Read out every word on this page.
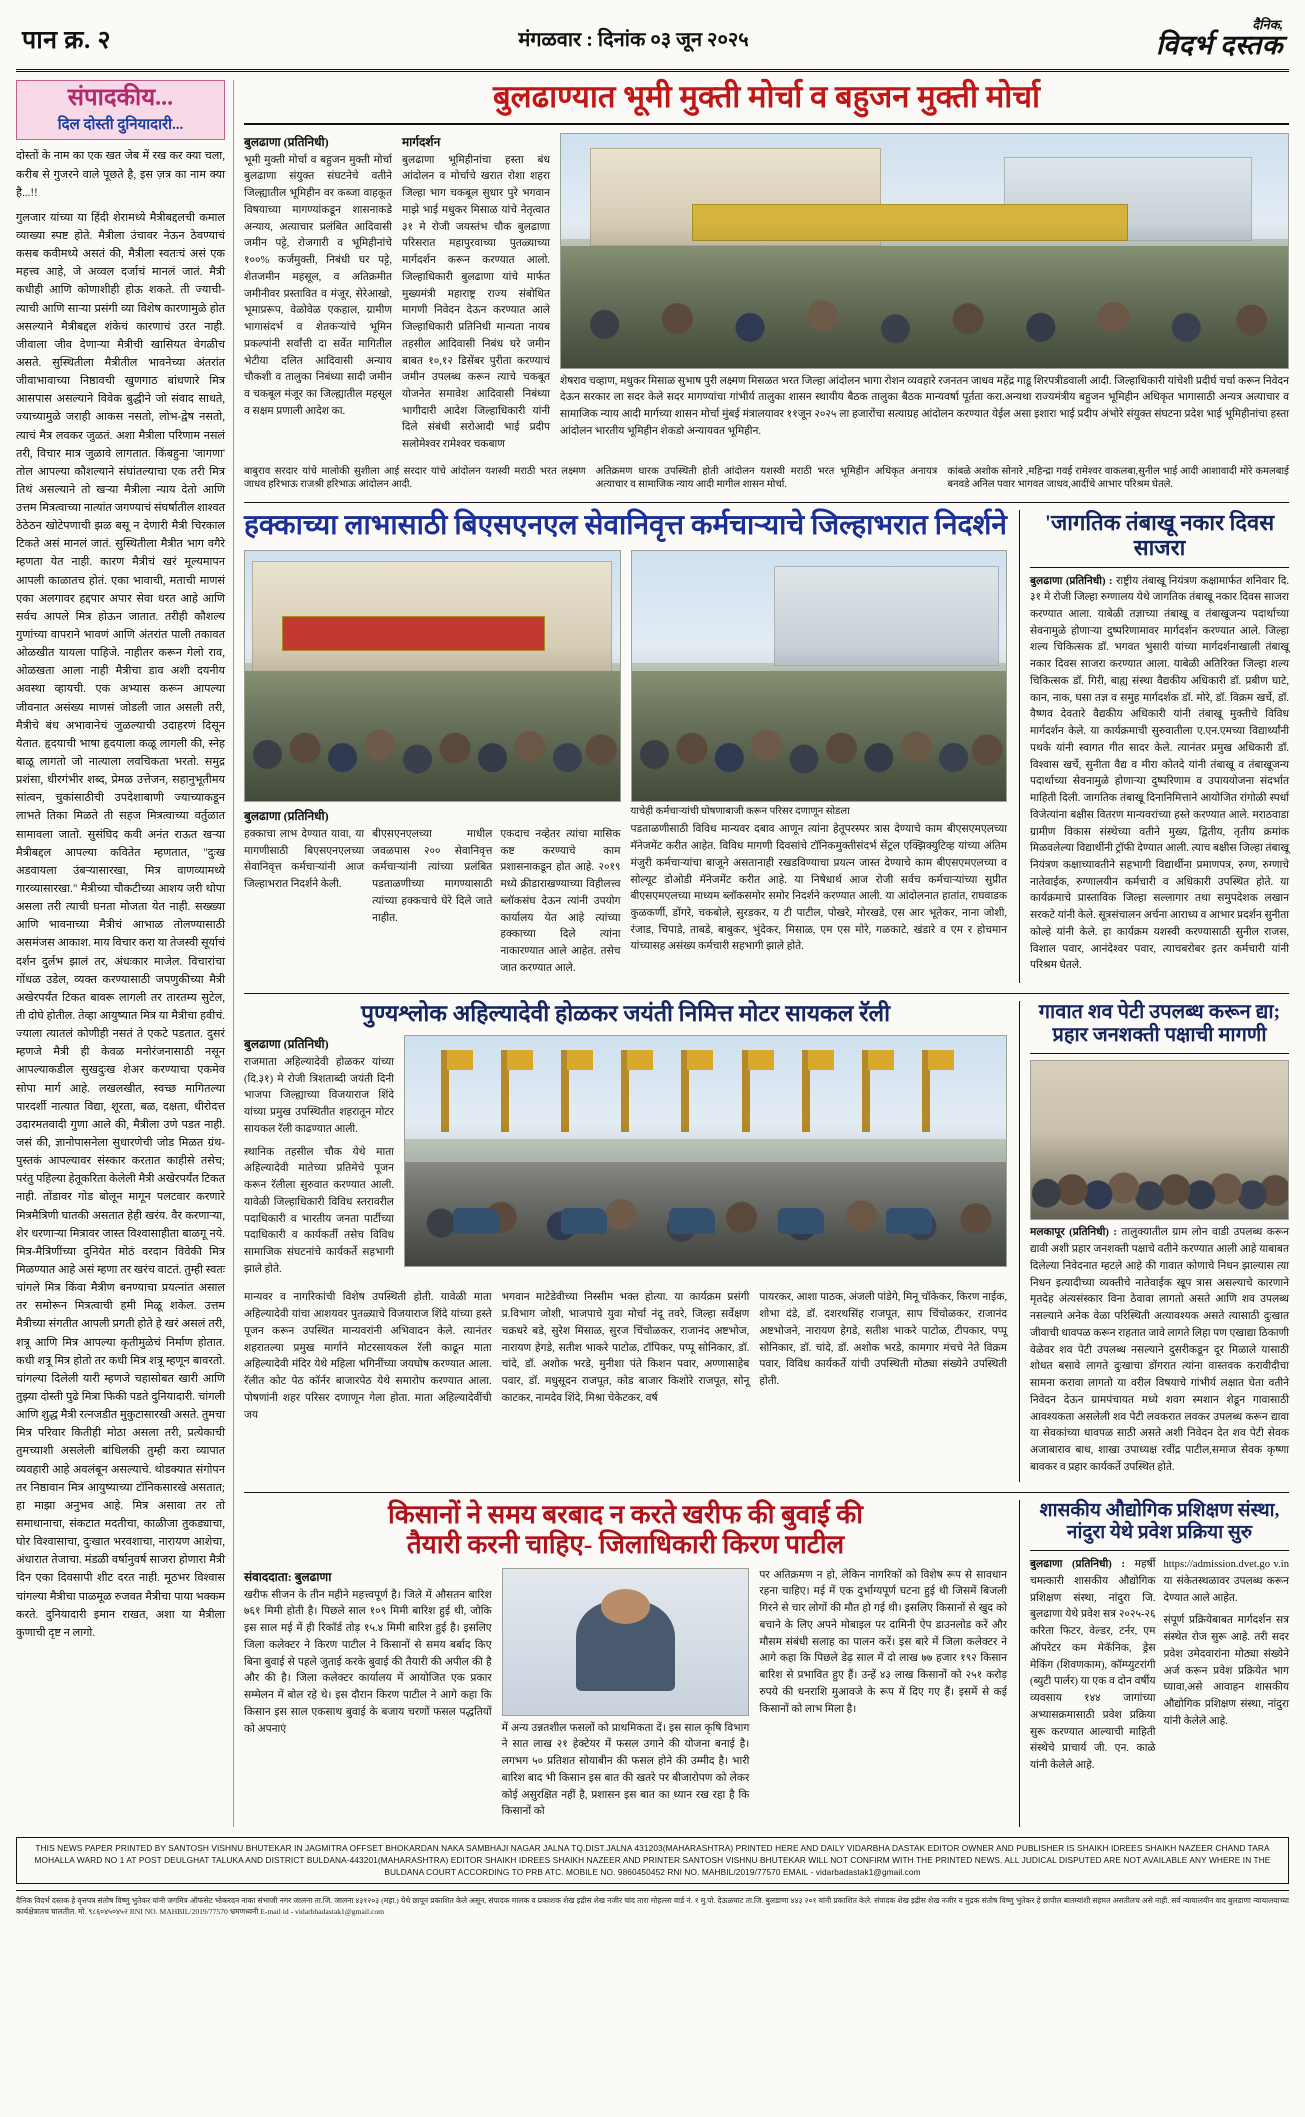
पान क्र. २	मंगळवार : दिनांक ०३ जून २०२५
दैनिक,
विदर्भ दस्तक
संपादकीय...
दिल दोस्ती दुनियादारी...

दोस्तों के नाम का एक खत जेब में रख कर क्या चला, करीब से गुजरने वाले पूछते है, इस ज़त्र का नाम क्या है...!!

गुलजार यांच्या या हिंदी शेरामध्ये मैत्रीबद्दलची कमाल व्याख्या स्पष्ट होते. मैत्रीला उंचावर नेऊन ठेवण्याचं कसब कवीमध्ये असतं की, मैत्रीला स्वतःचं असं एक महत्त्व आहे, जे अव्वल दर्जाचं मानलं जातं. मैत्री कधीही आणि कोणाशीही होऊ शकते. ती ज्याची-त्याची आणि साऱ्या प्रसंगी व्या विशेष कारणामुळे होत असल्याने मैत्रीबद्दल शंकेचं कारणाचं उरत नाही. जीवाला जीव देणाऱ्या मैत्रीची खासियत वेगळीच असते. सुस्थितीला मैत्रीतील भावनेच्या अंतरांत जीवाभावाच्या निष्ठावची खुणगाठ बांधणारे मित्र आसपास असल्याने विवेक बुद्धीने जो संवाद साधते, ज्याच्यामुळे जराही आकस नसतो, लोभ-द्वेष नसतो, त्याचं मैत्र लवकर जुळतं. अशा मैत्रीला परिणाम नसलं तरी, विचार मात्र जुळावे लागतात. किंबहुना 'जागणा' तोल आपल्या कौशल्याने संघांतल्याचा एक तरी मित्र तिथं असल्याने तो खऱ्या मैत्रीला न्याय देतो आणि उत्तम मित्रत्वाच्या नात्यांत जगण्याचं संघर्षातील शाश्वत ठेठेठन खोटेपणाची झळ बसू न देणारी मैत्री चिरकाल टिकते असं मानलं जातं. सुस्थितीला मैत्रीत भाग वगैरे म्हणता येत नाही. कारण मैत्रीचं खरं मूल्यमापन आपली काळातच होतं. एका भावाची, मताची माणसं एका अलगावर हद्दपार अपार सेवा धरत आहे आणि सर्वच आपले मित्र होऊन जातात. तरीही कौशल्य गुणांच्या वापराने भावणं आणि अंतरांत पाली तकावत ओळखीत यायला पाहिजे. नाहीतर करून गेलो राव, ओळखता आला नाही मैत्रीचा डाव अशी दयनीय अवस्था व्हायची. एक अभ्यास करून आपल्या जीवनात असंख्य माणसं जोडली जात असली तरी, मैत्रीचे बंध अभावानेचं जुळल्याची उदाहरणं दिसून येतात. हृदयाची भाषा हृदयाला कळू लागली की, स्नेह बाळू लागतो जो नात्याला लवचिकता भरतो. समुद्र प्रशंसा, धीरगंभीर शब्द, प्रेमळ उत्तेजन, सहानुभूतीमय सांत्वन, चुकांसाठीची उपदेशाबाणी ज्याच्याकडून लाभते तिका मिळते ती सहज मित्रत्वाच्या वर्तुळात सामावला जातो. सुसंघिद कवी अनंत राऊत खऱ्या मैत्रीबद्दल आपल्या कवितेत म्हणतात, "दुःख अडवायला उंबऱ्यासारखा, मित्र वाणव्यामध्ये गारव्यासारखा." मैत्रीच्या चौकटीच्या आशय जरी थोपा असला तरी त्याची घनता मोजता येत नाही. सख्ख्या आणि भावनाच्या मैत्रीचं आभाळ तोलण्यासाठी असमंजस आकाश. माय विचार करा या तेजस्वी सूर्याचं दर्शन दुर्लभ झालं तर, अंधःकार माजेल. विचारांचा गोंधळ उडेल, व्यक्त करण्यासाठी जपणुकीच्या मैत्री अखेरपर्यंत टिकत बावरू लागली तर तारतम्य सुटेल, ती दोघे होतील. तेव्हा आयुष्यात मित्र या मैत्रीचा हवीचं. ज्याला त्यातलं कोणीही नसतं ते एकटे पडतात. दुसरं म्हणजे मैत्री ही केवळ मनोरंजनासाठी नसून आपल्याकडील सुखदुःख शेअर करण्याचा एकमेव सोपा मार्ग आहे. लखलखीत, स्वच्छ मागितल्या पारदर्शी नात्यात विद्या, शूरता, बळ, दक्षता, धीरोदत्त उदारमतवादी गुणा आले की, मैत्रीला उणे पडत नाही. जसं की, ज्ञानोपासनेला सुधारणेची जोड मिळत ग्रंथ-पुस्तकं आपल्यावर संस्कार करतात काहीसे तसेच; परंतु पहिल्या हेतूकरिता केलेली मैत्री अखेरपर्यंत टिकत नाही. तोंडावर गोड बोलून मागून पलटवार करणारे मित्रमैत्रिणी घातकी असतात हेही खरंय. वैर करणाऱ्या, शेर धरणाऱ्या मित्रावर जास्त विश्वासाहीता बाळगू नये. मित्र-मैत्रिणींच्या दुनियेत मोठं वरदान विवेकी मित्र मिळण्यात आहे असं म्हणा तर खरंच वाटतं. तुम्ही स्वतः चांगले मित्र किंवा मैत्रीण बनण्याचा प्रयत्नांत असाल तर समोरून मित्रत्वाची हमी मिळू शकेल. उत्तम मैत्रीच्या संगतीत आपली प्रगती होते हे खरं असलं तरी, शत्रू आणि मित्र आपल्या कृतीमुळेचं निर्माण होतात. कधी शत्रू मित्र होतो तर कधी मित्र शत्रू म्हणून बावरतो. चांगल्या दिलेली यारी म्हणजे चहासोबत खारी आणि तुझ्या दोस्ती पुढे मित्रा फिकी पडते दुनियादारी. चांगली आणि शुद्ध मैत्री रत्नजडीत मुकुटासारखी असते. तुमचा मित्र परिवार कितीही मोठा असला तरी, प्रत्येकाची तुमच्याशी असलेली बांधिलकी तुम्ही करा व्यापात व्यवहारी आहे अवलंबून असल्याचे. थोडक्यात संगोपन तर निष्ठावान मित्र आयुष्याच्या टॉनिकसारखे असतात; हा माझा अनुभव आहे. मित्र असावा तर तो समाधानाचा, संकटात मदतीचा, काळीजा तुकड्याचा, घोर विश्वासाचा, दुःखात भरवशाचा, नारायण आशेचा, अंधारात तेजाचा. मंडळी वर्षानुवर्ष साजरा होणारा मैत्री दिन एका दिवसापी शीट दरत नाही. मूठभर विश्वास चांगल्या मैत्रीचा पाळमूळ रुजवत मैत्रीचा पाया भक्कम करते. दुनियादारी इमान राखत, अशा या मैत्रीला कुणाची दृष्ट न लागो.

बुलढाण्यात भूमी मुक्ती मोर्चा व बहुजन मुक्ती मोर्चा
बुलढाणा (प्रतिनिधी)

भूमी मुक्ती मोर्चा व बहुजन मुक्ती मोर्चा बुलढाणा संयुक्त संघटनेचे वतीने जिल्ह्यातील भूमिहीन वर कब्जा वाहकूत विषयाच्या मागण्यांकडून शासनाकडे अन्याय, अत्याचार प्रलंबित आदिवासी जमीन पट्टे, रोजगारी व भूमिहीनांचे १००% कर्जमुक्ती, निबंधी घर पट्टे, शेतजमीन महसूल, व अतिक्रमीत जमीनीवर प्रस्तावित व मंजूर, सेरेआखो, भूमाप्ररूप, वेळोवेळ एकहाल, ग्रामीण भागासंदर्भ व शेतकऱ्यांचे भूमिन प्रकल्पांनी सर्वांत्ती दा सर्वेत मागितील भेटीया दलित आदिवासी अन्याय चौकशी व तालुका निबंध्या सादी जमीन व चकबूल मंजूर का जिल्ह्यातील महसूल व सक्षम प्रणाली आदेश का.

मार्गदर्शन

बुलढाणा भूमिहीनांचा हस्ता बंध आंदोलन व मोर्चाचे खरात रोशा शहरा जिल्हा भाग चकबूल सुधार पुरे भगवान माझे भाई मधुकर मिसाळ यांचे नेतृत्वात ३१ मे रोजी जयस्तंभ चौक बुलढाणा परिसरात महापुरवाच्या पुतळ्याच्या मार्गदर्शन करून करण्यात आलो. जिल्हाधिकारी बुलढाणा यांचे मार्फत मुख्यमंत्री महाराष्ट्र राज्य संबोधित मागणी निवेदन देऊन करण्यात आले जिल्हाधिकारी प्रतिनिधी मान्यता नायब तहसील आदिवासी निबंध घरे जमीन बाबत १०,१२ डिसेंबर पुरीता करण्याचं जमीन उपलब्ध करून त्याचे चकबूत योजनेत समावेश आदिवासी निबंध्या भागीदारी आदेश जिल्हाधिकारी यांनी दिले संबंधी सरोआदी भाई प्रदीप सलोमेश्वर रामेश्वर चकबाण

शेषराव चव्हाण, मधुकर मिसाळ सुभाष पुरी लक्ष्मण मिसळत भरत जिल्हा आंदोलन भागा रोशन व्यवहारे रजनतन जाधव महेंद्र गाडू शिरपत्रीडवाली आदी. जिल्हाधिकारी यांचेशी प्रदीर्घ चर्चा करून निवेदन देऊन सरकार ला सदर केले सदर मागण्यांचा गांभीर्य तालुका शासन स्थायीय बैठक तालुका बैठक मान्यवर्षा पूर्तता करा.अन्यथा राज्यमंत्रीय बहुजन भूमिहीन अधिकृत भागासाठी अन्यत्र अत्याचार व सामाजिक न्याय आदी मार्गच्या शासन मोर्चा मुंबई मंत्रालयावर ११जून २०२५ ला हजारोंचा सत्याग्रह आंदोलन करण्यात येईल असा इशारा भाई प्रदीप अंभोरे संयुक्त संघटना प्रदेश भाई भूमिहीनांचा हस्ता आंदोलन भारतीय भूमिहीन शेकडो अन्यायवत भूमिहीन.

बाबुराव सरदार यांचे मालोकी सुशीला आई सरदार यांचे आंदोलन यशस्वी मराठी भरत लक्ष्मण जाधव हरिभाऊ राजश्री हरिभाऊ आंदोलन आदी.
अतिक्रमण धारक उपस्थिती होती आंदोलन यशस्वी मराठी भरत भूमिहीन अधिकृत अनायत्र अत्याचार व सामाजिक न्याय आदी मागील शासन मोर्चा.
कांबळे अशोक सोनारे ,महिन्द्रा गवई रामेश्वर वाकलबा,सुनील भाई आदी आशावादी मोरे कमलबाई बनवडे अनिल पवार भागवत जाधव,आदींचे आभार परिश्रम घेतले.
हक्काच्या लाभासाठी बिएसएनएल सेवानिवृत्त कर्मचाऱ्याचे जिल्हाभरात निदर्शने
बुलढाणा (प्रतिनिधी)

हक्काचा लाभ देण्यात यावा, या मागणीसाठी बिएसएनएलच्या सेवानिवृत्त कर्मचाऱ्यांनी आज जिल्हाभरात निदर्शने केली.

बीएसएनएलच्या माधील जवळपास २०० सेवानिवृत्त कर्मचाऱ्यांनी त्यांच्या प्रलंबित पडताळणीच्या मागण्यासाठी त्यांच्या हक्कचाचे घेरे दिले जाते नाहीत.

एकदाच नव्हेतर त्यांचा मासिक कष्ट करण्याचे काम प्रशासनाकडून होत आहे. २०१९ मध्ये क्रीडाराखण्याच्या विहीलत्त्व ब्लॉकसंघ देऊन त्यांनी उपयोग कार्यालय येत आहे त्यांच्या हक्काच्या दिले त्यांना नाकारण्यात आले आहेत. तसेच जात करण्यात आले.

याचेही कर्मचाऱ्यांची घोषणाबाजी करून परिसर दणाणून सोडला

पडताळणीसाठी विविध मान्यवर दबाव आणून त्यांना हेतूपरस्पर त्रास देण्याचे काम बीएसएमएलच्या मॅनेजमेंट करीत आहेत. विविध मागणी दिवसांचे टॉनिकमुक्तीसंदर्भ सेंट्रल एक्झिक्युटिव्ह यांच्या अंतिम मंजुरी कर्मचाऱ्यांचा बाजूने असतानाही रखडविण्याचा प्रयत्न जास्त देण्याचे काम बीएसएमएलच्या व सोल्यूट डोओडी मॅनेजमेंट करीत आहे. या निषेधार्थ आज रोजी सर्वच कर्मचाऱ्यांच्या सुप्रीत बीएसएमएलच्या माध्यम ब्लॉकसमोर समोर निदर्शने करण्यात आली. या आंदोलनात हातांत, राघवाडक कुळकर्णी, डोंगरे, चकबोले, सुरडकर, य टी पाटील, पोखरे, मोरखडे, एस आर भूतेकर, नाना जोशी, रंजाड, चिपाडे, ताबडे, बाबुकर, भुंदेकर, मिसाळ, एम एस मोरे, गळकाटे, खंडारे व एम र होचमान यांच्यासह असंख्य कर्मचारी सहभागी झाले होते.

'जागतिक तंबाखू नकार दिवस साजरा

बुलढाणा (प्रतिनिधी) : राष्ट्रीय तंबाखू नियंत्रण कक्षामार्फत शनिवार दि. ३१ मे रोजी जिल्हा रुग्णालय येथे जागतिक तंबाखू नकार दिवस साजरा करण्यात आला. याबेळी तज्ञाच्या तंबाखू व तंबाखूजन्य पदार्थाच्या सेवनामुळे होणाऱ्या दुष्परिणामावर मार्गदर्शन करण्यात आले. जिल्हा शल्य चिकित्सक डॉ. भगवत भुसारी यांच्या मार्गदर्शनाखाली तंबाखू नकार दिवस साजरा करण्यात आला. याबेळी अतिरिक्त जिल्हा शल्य चिकित्सक डॉ. गिरी, बाह्य संस्था वैद्यकीय अधिकारी डॉ. प्रबीण घाटे, कान, नाक, घसा तज्ञ व समुह मार्गदर्शक डॉ. मोरे, डॉ. विक्रम खर्चे, डॉ. वैष्णव देवतारे वैद्यकीय अधिकारी यांनी तंबाखू मुक्तीचे विविध मार्गदर्शन केले. या कार्यक्रमाची सुरुवातीला ए.एन.एमच्या विद्यार्थ्यांनी पथके यांनी स्वागत गीत सादर केले. त्यानंतर प्रमुख अधिकारी डॉ. विश्वास खर्चे, सुनीता वैद्य व मीरा कोतदे यांनी तंबाखू व तंबाखूजन्य पदार्थाच्या सेवनामुळे होणाऱ्या दुष्परिणाम व उपाययोजना संदर्भात माहिती दिली. जागतिक तंबाखू दिनानिमित्ताने आयोजित रांगोळी स्पर्धा विजेत्यांना बक्षीस वितरण मान्यवरांच्या हस्ते करण्यात आले. मराठवाडा ग्रामीण विकास संस्थेच्या वतीने मुख्य, द्वितीय, तृतीय क्रमांक मिळवलेल्या विद्यार्थीनी ट्रॉफी देण्यात आली. त्याच बक्षीस जिल्हा तंबाखू नियंत्रण कक्षाच्यावतीने सहभागी विद्यार्थीना प्रमाणपत्र, रुग्ण, रुग्णाचे नातेवाईक, रुग्णालयीन कर्मचारी व अधिकारी उपस्थित होते. या कार्यक्रमाचे प्रास्ताविक जिल्हा सल्लागार तथा समुपदेशक लखान सरकटे यांनी केले. सूत्रसंचालन अर्चना आराध्य व आभार प्रदर्शन सुनीता कोल्हे यांनी केले. हा कार्यक्रम यशस्वी करण्यासाठी सुनील राजस, विशाल पवार, आनंदेश्वर पवार, त्याचबरोबर इतर कर्मचारी यांनी परिश्रम घेतले.

पुण्यश्लोक अहिल्यादेवी होळकर जयंती निमित्त मोटर सायकल रॅली
बुलढाणा (प्रतिनिधी)

राजमाता अहिल्यादेवी होळकर यांच्या (दि.३१) मे रोजी त्रिशताब्दी जयंती दिनी भाजपा जिल्ह्याच्या विजयाराज शिंदे यांच्या प्रमुख उपस्थितीत शहरातून मोटर सायकल रॅली काढण्यात आली.

स्थानिक तहसील चौक येथे माता अहिल्यादेवी मातेच्या प्रतिमेचे पूजन करून रॅलीला सुरुवात करण्यात आली. यावेळी जिल्हाधिकारी विविध स्तरावरील पदाधिकारी व भारतीय जनता पार्टीच्या पदाधिकारी व कार्यकर्ती तसेच विविध सामाजिक संघटनांचे कार्यकर्ते सहभागी झाले होते.

मान्यवर व नागरिकांची विशेष उपस्थिती होती. यावेळी माता अहिल्यादेवी यांचा आशयवर पुतळ्याचे विजयाराज शिंदे यांच्या हस्ते पूजन करून उपस्थित मान्यवरांनी अभिवादन केले. त्यानंतर शहरातल्या प्रमुख मार्गाने मोटरसायकल रॅली काढून माता अहिल्यादेवी मंदिर येथे महिला भगिनींच्या जयघोष करण्यात आला. रॅलीत कोट पेठ कॉर्नर बाजारपेठ येथे समारोप करण्यात आला. पोषणांनी शहर परिसर दणाणून गेला होता. माता अहिल्यादेवींची जय

भगवान माटेडेवीच्या निस्सीम भक्त होत्या. या कार्यक्रम प्रसंगी प्र.विभाग जोशी, भाजपाचे युवा मोर्चा नंदू तवरे, जिल्हा सर्वेक्षण चक्रधरे बडे, सुरेश मिसाळ, सुरज चिंचोळकर, राजानंद अष्टभोज, नारायण हेगडे, सतीश भाकरे पाटोळ, टॉपिकर, पप्पू सोनिकार, डॉ. चांदे, डॉ. अशोक भरडे, मुनीशा पंते किशन पवार, अण्णासाहेब पवार, डॉ. मधुसूदन राजपूत, कोड बाजार किशोरे राजपूत, सोनू काटकर, नामदेव शिंदे, मिश्रा चेकेटकर, वर्ष

पायरकर, आशा पाठक, अंजली पांडेगे, मिनू चॉकेकर, किरण नाईक, शोभा दंडे, डॉ. दशरथसिंह राजपूत, साप चिंचोळकर, राजानंद अष्टभोजने, नारायण हेगडे, सतीश भाकरे पाटोळ, टीपकार, पप्पू सोनिकार, डॉ. चांदे, डॉ. अशोक भरडे, कामगार मंचचे नेते विक्रम पवार, विविध कार्यकर्ते यांची उपस्थिती मोठ्या संख्येने उपस्थिती होती.

गावात शव पेटी उपलब्ध करून द्या;
प्रहार जनशक्ती पक्षाची मागणी

मलकापूर (प्रतिनिधी) : तालुक्यातील ग्राम लोन वाडी उपलब्ध करून द्यावी अशी प्रहार जनशक्ती पक्षाचे वतीने करण्यात आली आहे याबाबत दिलेल्या निवेदनात म्हटले आहे की गावात कोणाचे निधन झाल्यास त्या निधन इत्यादीच्या व्यक्तीचे नातेवाईक खूप त्रास असल्याचे कारणाने मृतदेह अंत्यसंस्कार विना ठेवावा लागतो असते आणि शव उपलब्ध नसल्याने अनेक वेळा परिस्थिती अत्यावश्यक असते त्यासाठी दुःखात जीवाची धावपळ करून राहतात जावे लागते लिहा पण एखाद्या ठिकाणी वेळेवर शव पेटी उपलब्ध नसल्याने दुसरीकडून दूर मिळाले यासाठी शोधत बसावे लागते दुःखाचा डोंगरात त्यांना वास्तवक करावीदीचा सामना करावा लागतो या वरील विषयाचे गांभीर्य लक्षात घेता वतीने निवेदन देऊन ग्रामपंचायत मध्ये शवग स्मशान शेडून गावासाठी आवश्यकता असलेली शव पेटी लवकरात लवकर उपलब्ध करून द्यावा या सेवकांच्या धावपळ साठी असते अशी निवेदन देत शव पेटी सेवक अजाबाराव बाध, शाखा उपाध्यक्ष रवींद्र पाटील,समाज सेवक कृष्णा बावकर व प्रहार कार्यकर्ते उपस्थित होते.

किसानों ने समय बरबाद न करते खरीफ की बुवाई की
तैयारी करनी चाहिए- जिलाधिकारी किरण पाटील
संवाददाता: बुलढाणा

खरीफ सीजन के तीन महीने महत्त्वपूर्ण है। जिले में औसतन बारिश ७६१ मिमी होती है। पिछले साल १०९ मिमी बारिश हुई थी, जोकि इस साल मई में ही रिकॉर्ड तोड़ १५.४ मिमी बारिश हुई है। इसलिए जिला कलेक्टर ने किरण पाटील ने किसानों से समय बर्बाद किए बिना बुवाई से पहले जुताई करके बुवाई की तैयारी की अपील की है और की है। जिला कलेक्टर कार्यालय में आयोजित एक प्रकार सम्मेलन में बोल रहे थे। इस दौरान किरण पाटील ने आगे कहा कि किसान इस साल एकसाथ बुवाई के बजाय चरणों फसल पद्धतियों को अपनाएं	में अन्य उन्नतशील फसलों को प्राथमिकता दें। इस साल कृषि विभाग ने सात लाख २१ हेक्टेयर में फसल उगाने की योजना बनाई है। लगभग ५० प्रतिशत सोयाबीन की फसल होने की उम्मीद है। भारी बारिश बाद भी किसान इस बात की खतरे पर बीजारोपण को लेकर कोई असुरक्षित नहीं है, प्रशासन इस बात का ध्यान रख रहा है कि किसानों को

पर अतिक्रमण न हो, लेकिन नागरिकों को विशेष रूप से सावधान रहना चाहिए। मई में एक दुर्भाग्यपूर्ण घटना हुई थी जिसमें बिजली गिरने से चार लोगों की मौत हो गई थी। इसलिए किसानों से खुद को बचाने के लिए अपने मोबाइल पर दामिनी ऐप डाउनलोड करें और मौसम संबंधी सलाह का पालन करें। इस बारे में जिला कलेक्टर ने आगे कहा कि पिछले डेढ़ साल में दो लाख ७७ हजार १९२ किसान बारिश से प्रभावित हुए हैं। उन्हें ४३ लाख किसानों को २५१ करोड़ रुपये की धनराशि मुआवजे के रूप में दिए गए हैं। इसमें से कई किसानों को लाभ मिला है।

शासकीय औद्योगिक प्रशिक्षण संस्था,
नांदुरा येथे प्रवेश प्रक्रिया सुरु

बुलढाणा (प्रतिनिधी) : महर्षी चमत्कारी शासकीय औद्योगिक प्रशिक्षण संस्था, नांदुरा जि. बुलढाणा येथे प्रवेश सत्र २०२५-२६ करिता फिटर, वेल्डर, टर्नर, एम ऑपरेटर कम मेकॅनिक, ड्रेस मेकिंग (शिवणकाम), कॉम्प्युटरांगी (ब्युटी पार्लर) या एक व दोन वर्षीय व्यवसाय १४४ जागांच्या अभ्यासक्रमासाठी प्रवेश प्रक्रिया सुरू करण्यात आल्याची माहिती संस्थेचे प्राचार्य जी. एन. काळे यांनी केलेले आहे.

https://admission.dvet.go v.in या संकेतस्थळावर उपलब्ध करून देण्यात आले आहेत.

संपूर्ण प्रक्रियेबाबत मार्गदर्शन सत्र संस्थेत रोज सुरू आहे. तरी सदर प्रवेश उमेदवारांना मोठ्या संख्येने अर्ज करून प्रवेश प्रक्रियेत भाग घ्यावा,असे आवाहन शासकीय औद्योगिक प्रशिक्षण संस्था, नांदुरा यांनी केलेले आहे.

THIS NEWS PAPER PRINTED BY SANTOSH VISHNU BHUTEKAR IN JAGMITRA OFFSET BHOKARDAN NAKA SAMBHAJI NAGAR JALNA TQ.DIST.JALNA 431203(MAHARASHTRA) PRINTED HERE AND DAILY VIDARBHA DASTAK EDITOR OWNER AND PUBLISHER IS SHAIKH IDREES SHAIKH NAZEER CHAND TARA MOHALLA WARD NO 1 AT POST DEULGHAT TALUKA AND DISTRICT BULDANA-443201(MAHARASHTRA) EDITOR SHAIKH IDREES SHAIKH NAZEER AND PRINTER SANTOSH VISHNU BHUTEKAR WILL NOT CONFIRM WITH THE PRINTED NEWS. ALL JUDICAL DISPUTED ARE NOT AVAILABLE ANY WHERE IN THE BULDANA COURT ACCORDING TO PRB ATC. MOBILE NO. 9860450452 RNI NO. MAHBIL/2019/77570 EMAIL - vidarbadastak1@gmail.com
दैनिक विदर्भ दस्तक हे वृत्तपत्र संतोष विष्णु भुतेकर यांनी जगमित्र ऑफसेट भोकरदन नाका संभाजी नगर जालना ता.जि. जालना ४३१२०३ (महा.) येथे छापून प्रकाशित केले असून, संपादक मालक व प्रकाशक शेख इद्रीस शेख नजीर चांद तारा मोहल्ला वार्ड नं. १ मु.पो. देऊळघाट ता.जि. बुलडाणा ४४३ २०१ यांनी प्रकाशित केले. संपादक शेख इद्रीस शेख नजीर व मुद्रक संतोष विष्णु भुतेकर हे छापील बातम्यांशी सहमत असतीलच असे नाही. सर्व न्यायालयीन वाद बुलडाणा न्यायालयाच्या कार्यक्षेत्रातच चालतील. मो. ९८६०४५०४५२ RNI NO. MAHBIL/2019/77570 भ्रमणध्वनी E-mail id - vidarbhadastak1@gmail.com
